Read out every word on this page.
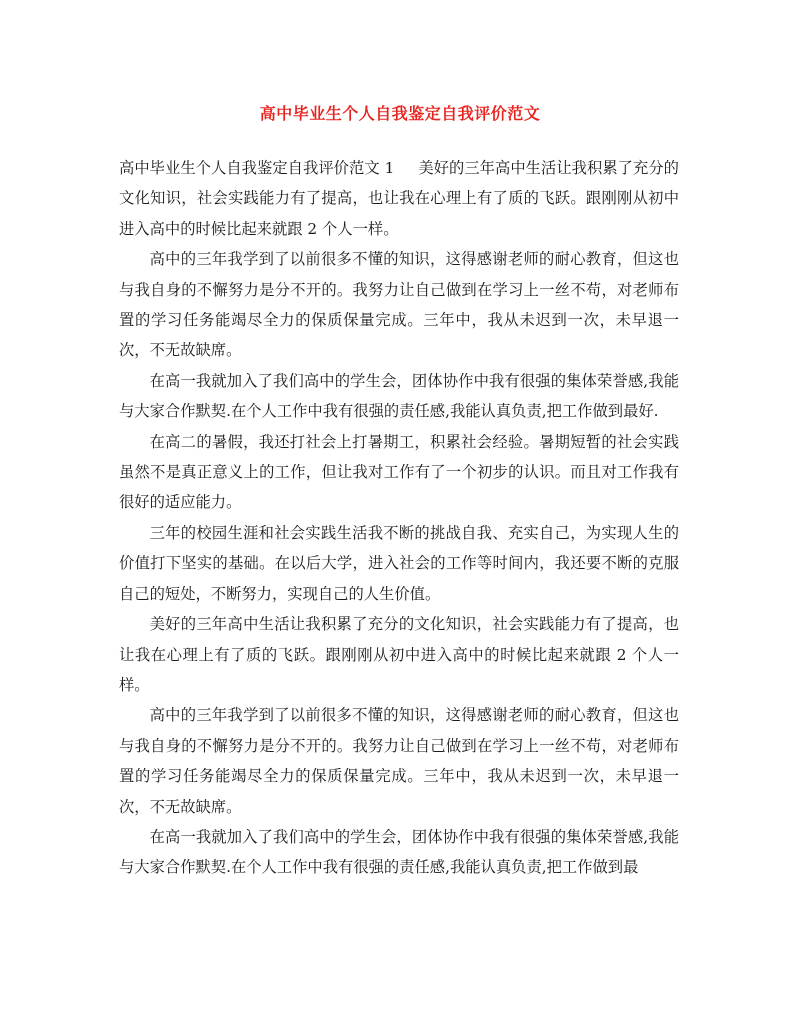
高中毕业生个人自我鉴定自我评价范文

高中毕业生个人自我鉴定自我评价范文 1 美好的三年高中生活让我积累了充分的文化知识，社会实践能力有了提高，也让我在心理上有了质的飞跃。跟刚刚从初中进入高中的时候比起来就跟 2 个人一样。

高中的三年我学到了以前很多不懂的知识，这得感谢老师的耐心教育，但这也与我自身的不懈努力是分不开的。我努力让自己做到在学习上一丝不苟，对老师布置的学习任务能竭尽全力的保质保量完成。三年中，我从未迟到一次，未早退一次，不无故缺席。

在高一我就加入了我们高中的学生会，团体协作中我有很强的集体荣誉感,我能与大家合作默契.在个人工作中我有很强的责任感,我能认真负责,把工作做到最好.

在高二的暑假，我还打社会上打暑期工，积累社会经验。暑期短暂的社会实践虽然不是真正意义上的工作，但让我对工作有了一个初步的认识。而且对工作我有很好的适应能力。

三年的校园生涯和社会实践生活我不断的挑战自我、充实自己，为实现人生的价值打下坚实的基础。在以后大学，进入社会的工作等时间内，我还要不断的克服自己的短处，不断努力，实现自己的人生价值。

美好的三年高中生活让我积累了充分的文化知识，社会实践能力有了提高，也让我在心理上有了质的飞跃。跟刚刚从初中进入高中的时候比起来就跟 2 个人一样。

高中的三年我学到了以前很多不懂的知识，这得感谢老师的耐心教育，但这也与我自身的不懈努力是分不开的。我努力让自己做到在学习上一丝不苟，对老师布置的学习任务能竭尽全力的保质保量完成。三年中，我从未迟到一次，未早退一次，不无故缺席。

在高一我就加入了我们高中的学生会，团体协作中我有很强的集体荣誉感,我能与大家合作默契.在个人工作中我有很强的责任感,我能认真负责,把工作做到最
